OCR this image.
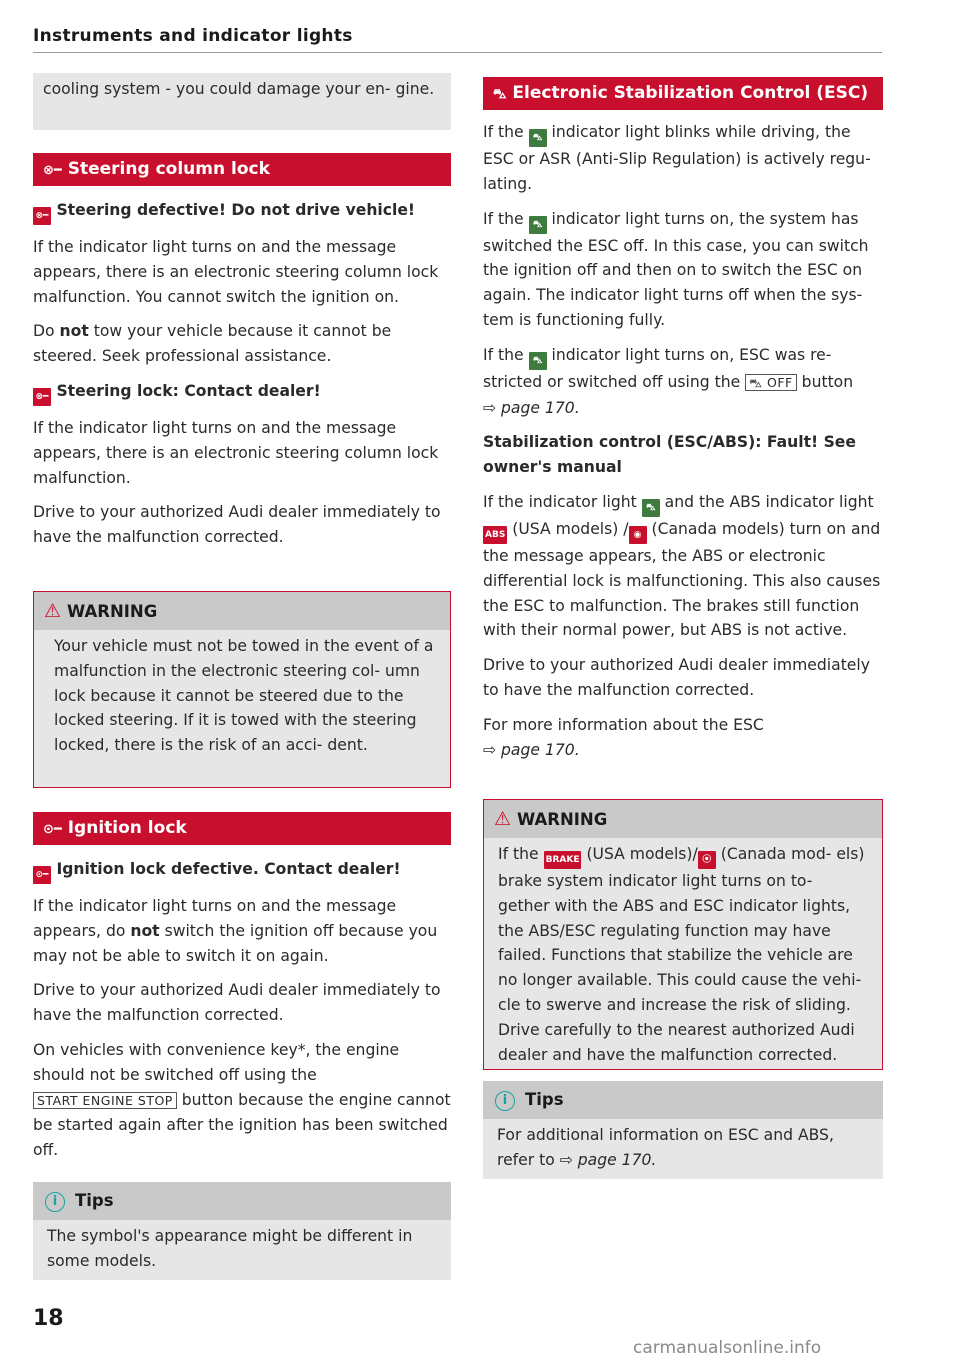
Instruments and indicator lights

cooling system - you could damage your en- gine.

⊗━ Steering column lock

⊗━ Steering defective! Do not drive vehicle!

If the indicator light turns on and the message appears, there is an electronic steering column lock malfunction. You cannot switch the ignition on.

Do not tow your vehicle because it cannot be steered. Seek professional assistance.

⊗━ Steering lock: Contact dealer!

If the indicator light turns on and the message appears, there is an electronic steering column lock malfunction.

Drive to your authorized Audi dealer immediately to have the malfunction corrected.

⚠ WARNING

Your vehicle must not be towed in the event of a malfunction in the electronic steering col- umn lock because it cannot be steered due to the locked steering. If it is towed with the steering locked, there is the risk of an acci- dent.

⊙━ Ignition lock

⊙━ Ignition lock defective. Contact dealer!

If the indicator light turns on and the message appears, do not switch the ignition off because you may not be able to switch it on again.

Drive to your authorized Audi dealer immediately to have the malfunction corrected.

On vehicles with convenience key*, the engine should not be switched off using the
START ENGINE STOP button because the engine cannot be started again after the ignition has been switched off.

i Tips

The symbol's appearance might be different in some models.

⛍ Electronic Stabilization Control (ESC)

If the ⛍ indicator light blinks while driving, the ESC or ASR (Anti-Slip Regulation) is actively regu- lating.

If the ⛍ indicator light turns on, the system has switched the ESC off. In this case, you can switch the ignition off and then on to switch the ESC on again. The indicator light turns off when the sys- tem is functioning fully.

If the ⛍ indicator light turns on, ESC was re- stricted or switched off using the ⛍ OFF button
⇨ page 170.

Stabilization control (ESC/ABS): Fault! See owner's manual

If the indicator light ⛍ and the ABS indicator light ABS (USA models) / ◉ (Canada models) turn on and the message appears, the ABS or electronic differential lock is malfunctioning. This also causes the ESC to malfunction. The brakes still function with their normal power, but ABS is not active.

Drive to your authorized Audi dealer immediately to have the malfunction corrected.

For more information about the ESC
⇨ page 170.

⚠ WARNING

If the BRAKE (USA models)/ ⦿ (Canada mod- els) brake system indicator light turns on to- gether with the ABS and ESC indicator lights, the ABS/ESC regulating function may have failed. Functions that stabilize the vehicle are no longer available. This could cause the vehi- cle to swerve and increase the risk of sliding. Drive carefully to the nearest authorized Audi dealer and have the malfunction corrected.

i Tips

For additional information on ESC and ABS, refer to ⇨ page 170.

18
carmanualsonline.info
